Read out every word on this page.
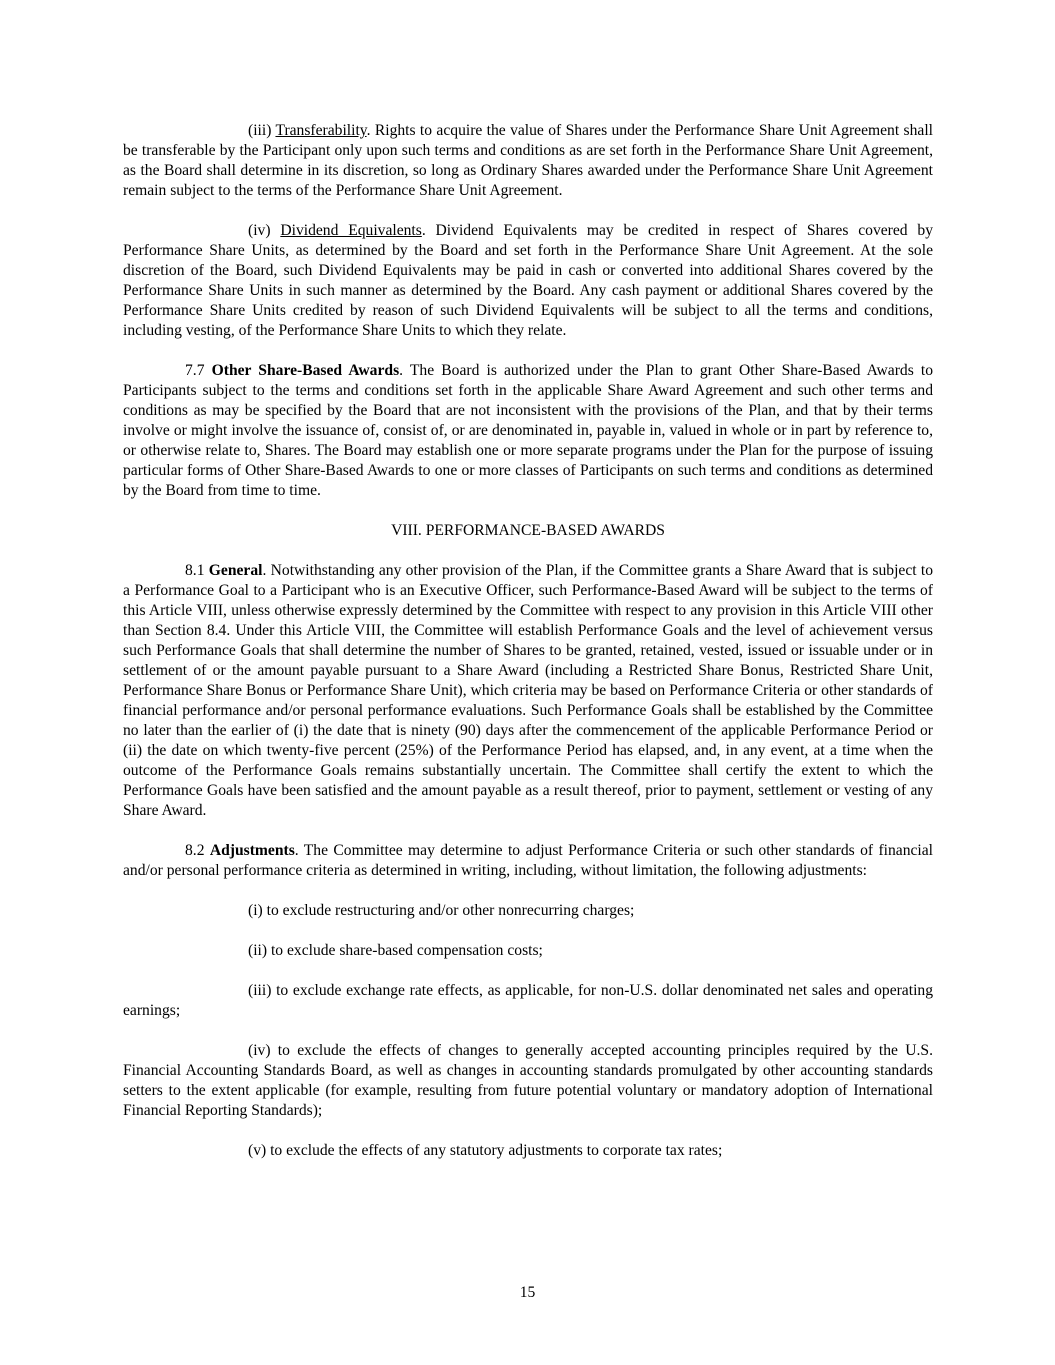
(iii) Transferability. Rights to acquire the value of Shares under the Performance Share Unit Agreement shall be transferable by the Participant only upon such terms and conditions as are set forth in the Performance Share Unit Agreement, as the Board shall determine in its discretion, so long as Ordinary Shares awarded under the Performance Share Unit Agreement remain subject to the terms of the Performance Share Unit Agreement.

(iv) Dividend Equivalents. Dividend Equivalents may be credited in respect of Shares covered by Performance Share Units, as determined by the Board and set forth in the Performance Share Unit Agreement. At the sole discretion of the Board, such Dividend Equivalents may be paid in cash or converted into additional Shares covered by the Performance Share Units in such manner as determined by the Board. Any cash payment or additional Shares covered by the Performance Share Units credited by reason of such Dividend Equivalents will be subject to all the terms and conditions, including vesting, of the Performance Share Units to which they relate.

7.7 Other Share-Based Awards. The Board is authorized under the Plan to grant Other Share-Based Awards to Participants subject to the terms and conditions set forth in the applicable Share Award Agreement and such other terms and conditions as may be specified by the Board that are not inconsistent with the provisions of the Plan, and that by their terms involve or might involve the issuance of, consist of, or are denominated in, payable in, valued in whole or in part by reference to, or otherwise relate to, Shares. The Board may establish one or more separate programs under the Plan for the purpose of issuing particular forms of Other Share-Based Awards to one or more classes of Participants on such terms and conditions as determined by the Board from time to time.

VIII. PERFORMANCE-BASED AWARDS

8.1 General. Notwithstanding any other provision of the Plan, if the Committee grants a Share Award that is subject to a Performance Goal to a Participant who is an Executive Officer, such Performance-Based Award will be subject to the terms of this Article VIII, unless otherwise expressly determined by the Committee with respect to any provision in this Article VIII other than Section 8.4. Under this Article VIII, the Committee will establish Performance Goals and the level of achievement versus such Performance Goals that shall determine the number of Shares to be granted, retained, vested, issued or issuable under or in settlement of or the amount payable pursuant to a Share Award (including a Restricted Share Bonus, Restricted Share Unit, Performance Share Bonus or Performance Share Unit), which criteria may be based on Performance Criteria or other standards of financial performance and/or personal performance evaluations. Such Performance Goals shall be established by the Committee no later than the earlier of (i) the date that is ninety (90) days after the commencement of the applicable Performance Period or (ii) the date on which twenty-five percent (25%) of the Performance Period has elapsed, and, in any event, at a time when the outcome of the Performance Goals remains substantially uncertain. The Committee shall certify the extent to which the Performance Goals have been satisfied and the amount payable as a result thereof, prior to payment, settlement or vesting of any Share Award.

8.2 Adjustments. The Committee may determine to adjust Performance Criteria or such other standards of financial and/or personal performance criteria as determined in writing, including, without limitation, the following adjustments:

(i) to exclude restructuring and/or other nonrecurring charges;

(ii) to exclude share-based compensation costs;

(iii) to exclude exchange rate effects, as applicable, for non-U.S. dollar denominated net sales and operating earnings;

(iv) to exclude the effects of changes to generally accepted accounting principles required by the U.S. Financial Accounting Standards Board, as well as changes in accounting standards promulgated by other accounting standards setters to the extent applicable (for example, resulting from future potential voluntary or mandatory adoption of International Financial Reporting Standards);

(v) to exclude the effects of any statutory adjustments to corporate tax rates;

15
